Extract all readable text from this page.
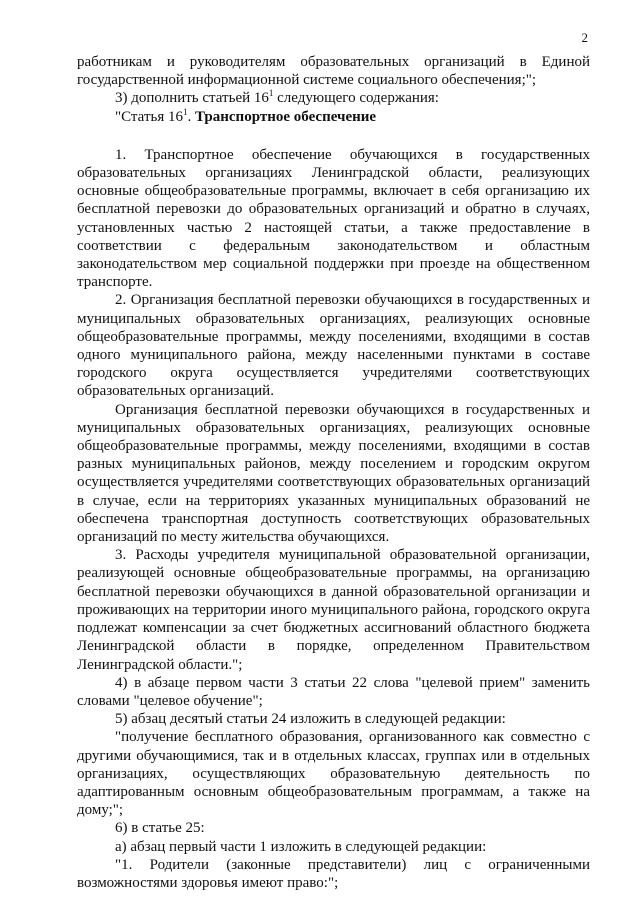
2

работникам и руководителям образовательных организаций в Единой государственной информационной системе социального обеспечения;";

3) дополнить статьей $16^1$ следующего содержания:

"Статья $16^1$. Транспортное обеспечение

1. Транспортное обеспечение обучающихся в государственных образовательных организациях Ленинградской области, реализующих основные общеобразовательные программы, включает в себя организацию их бесплатной перевозки до образовательных организаций и обратно в случаях, установленных частью 2 настоящей статьи, а также предоставление в соответствии с федеральным законодательством и областным законодательством мер социальной поддержки при проезде на общественном транспорте.

2. Организация бесплатной перевозки обучающихся в государственных и муниципальных образовательных организациях, реализующих основные общеобразовательные программы, между поселениями, входящими в состав одного муниципального района, между населенными пунктами в составе городского округа осуществляется учредителями соответствующих образовательных организаций.

Организация бесплатной перевозки обучающихся в государственных и муниципальных образовательных организациях, реализующих основные общеобразовательные программы, между поселениями, входящими в состав разных муниципальных районов, между поселением и городским округом осуществляется учредителями соответствующих образовательных организаций в случае, если на территориях указанных муниципальных образований не обеспечена транспортная доступность соответствующих образовательных организаций по месту жительства обучающихся.

3. Расходы учредителя муниципальной образовательной организации, реализующей основные общеобразовательные программы, на организацию бесплатной перевозки обучающихся в данной образовательной организации и проживающих на территории иного муниципального района, городского округа подлежат компенсации за счет бюджетных ассигнований областного бюджета Ленинградской области в порядке, определенном Правительством Ленинградской области.";

4) в абзаце первом части 3 статьи 22 слова "целевой прием" заменить словами "целевое обучение";

5) абзац десятый статьи 24 изложить в следующей редакции:

"получение бесплатного образования, организованного как совместно с другими обучающимися, так и в отдельных классах, группах или в отдельных организациях, осуществляющих образовательную деятельность по адаптированным основным общеобразовательным программам, а также на дому;";

6) в статье 25:

а) абзац первый части 1 изложить в следующей редакции:

"1. Родители (законные представители) лиц с ограниченными возможностями здоровья имеют право:";
